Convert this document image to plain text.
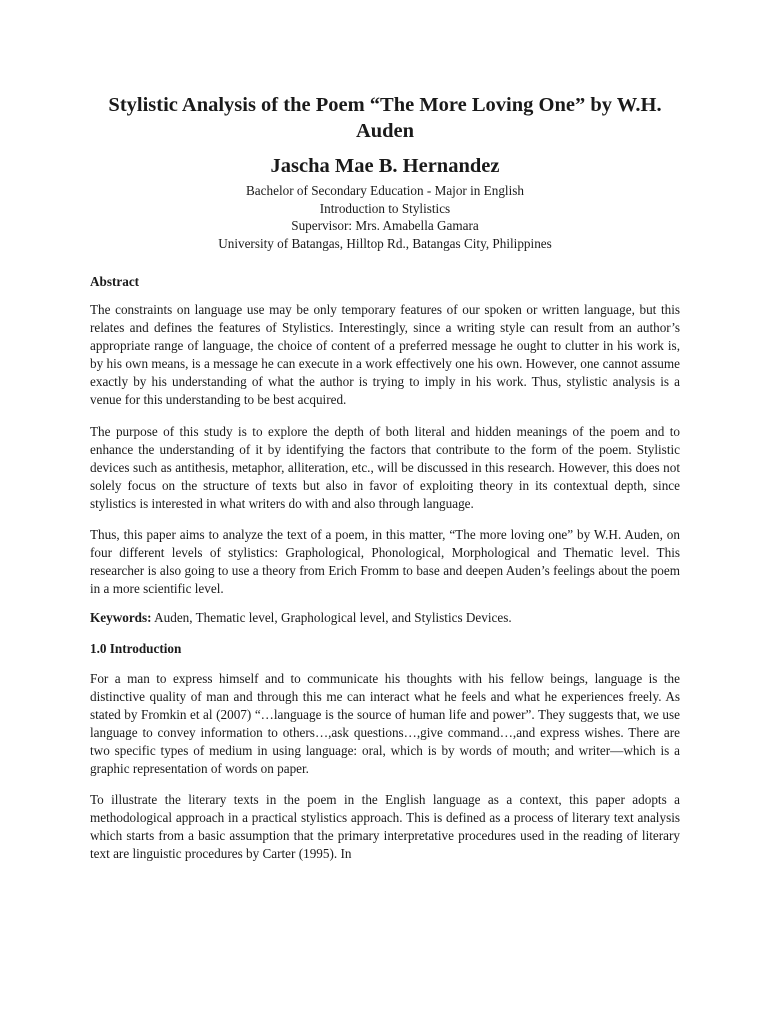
Stylistic Analysis of the Poem “The More Loving One” by W.H. Auden
Jascha Mae B. Hernandez

Bachelor of Secondary Education - Major in English

Introduction to Stylistics

Supervisor: Mrs. Amabella Gamara

University of Batangas, Hilltop Rd., Batangas City, Philippines

Abstract

The constraints on language use may be only temporary features of our spoken or written language, but this relates and defines the features of Stylistics. Interestingly, since a writing style can result from an author’s appropriate range of language, the choice of content of a preferred message he ought to clutter in his work is, by his own means, is a message he can execute in a work effectively one his own. However, one cannot assume exactly by his understanding of what the author is trying to imply in his work. Thus, stylistic analysis is a venue for this understanding to be best acquired.

The purpose of this study is to explore the depth of both literal and hidden meanings of the poem and to enhance the understanding of it by identifying the factors that contribute to the form of the poem. Stylistic devices such as antithesis, metaphor, alliteration, etc., will be discussed in this research. However, this does not solely focus on the structure of texts but also in favor of exploiting theory in its contextual depth, since stylistics is interested in what writers do with and also through language.

Thus, this paper aims to analyze the text of a poem, in this matter, “The more loving one” by W.H. Auden, on four different levels of stylistics: Graphological, Phonological, Morphological and Thematic level. This researcher is also going to use a theory from Erich Fromm to base and deepen Auden’s feelings about the poem in a more scientific level.

Keywords: Auden, Thematic level, Graphological level, and Stylistics Devices.

1.0 Introduction

For a man to express himself and to communicate his thoughts with his fellow beings, language is the distinctive quality of man and through this me can interact what he feels and what he experiences freely. As stated by Fromkin et al (2007) “…language is the source of human life and power”. They suggests that, we use language to convey information to others…,ask questions…,give command…,and express wishes. There are two specific types of medium in using language: oral, which is by words of mouth; and writer—which is a graphic representation of words on paper.

To illustrate the literary texts in the poem in the English language as a context, this paper adopts a methodological approach in a practical stylistics approach. This is defined as a process of literary text analysis which starts from a basic assumption that the primary interpretative procedures used in the reading of literary text are linguistic procedures by Carter (1995). In
